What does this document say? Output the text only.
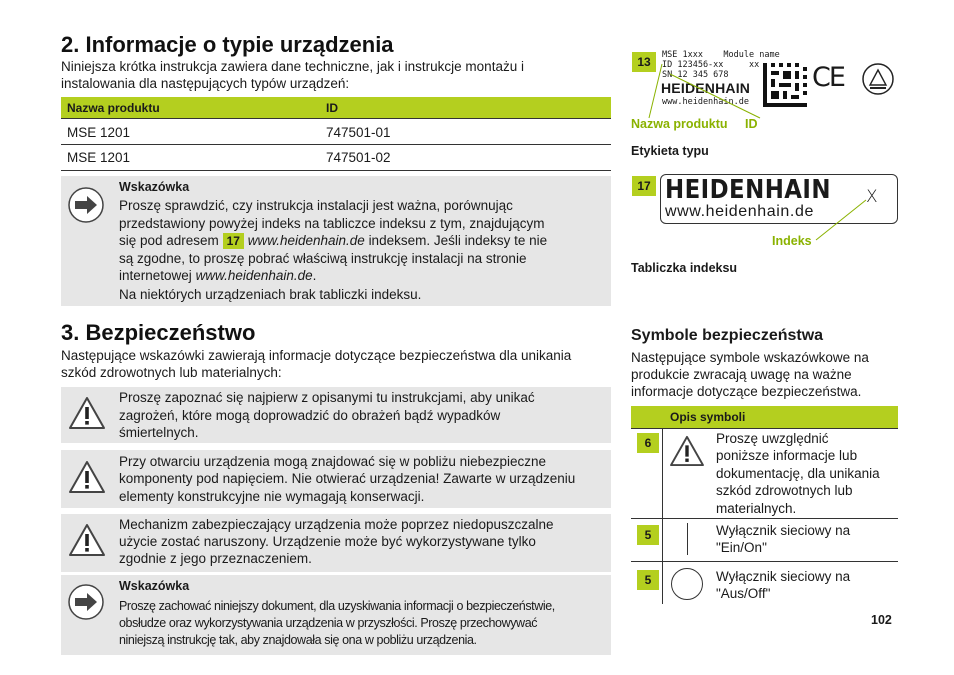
2. Informacje o typie urządzenia
Niniejsza krótka instrukcja zawiera dane techniczne, jak i instrukcje montażu i
instalowania dla następujących typów urządzeń:
Nazwa produktu	ID
MSE 1201	747501-01
MSE 1201	747501-02
Wskazówka
Proszę sprawdzić, czy instrukcja instalacji jest ważna, porównując
przedstawiony powyżej indeks na tabliczce indeksu z tym, znajdującym
się pod adresem 17 www.heidenhain.de indeksem. Jeśli indeksy te nie
są zgodne, to proszę pobrać właściwą instrukcję instalacji na stronie
internetowej www.heidenhain.de.
Na niektórych urządzeniach brak tabliczki indeksu.
3. Bezpieczeństwo
Następujące wskazówki zawierają informacje dotyczące bezpieczeństwa dla unikania
szkód zdrowotnych lub materialnych:
Proszę zapoznać się najpierw z opisanymi tu instrukcjami, aby unikać
zagrożeń, które mogą doprowadzić do obrażeń bądź wypadków
śmiertelnych.
Przy otwarciu urządzenia mogą znajdować się w pobliżu niebezpieczne
komponenty pod napięciem. Nie otwierać urządzenia! Zawarte w urządzeniu
elementy konstrukcyjne nie wymagają konserwacji.
Mechanizm zabezpieczający urządzenia może poprzez niedopuszczalne
użycie zostać naruszony. Urządzenie może być wykorzystywane tylko
zgodnie z jego przeznaczeniem.
Wskazówka
Proszę zachować niniejszy dokument, dla uzyskiwania informacji o bezpieczeństwie,
obsłudze oraz wykorzystywania urządzenia w przyszłości. Proszę przechowywać
niniejszą instrukcję tak, aby znajdowała się ona w pobliżu urządzenia.
13	MSE 1xxx    Module name
ID 123456-xx     xx
SN 12 345 678
HEIDENHAIN
www.heidenhain.de
CE
Nazwa produktu ID
Etykieta typu
17 HEIDENHAIN
www.heidenhain.de
X
Indeks
Tabliczka indeksu
Symbole bezpieczeństwa
Następujące symbole wskazówkowe na
produkcie zwracają uwagę na ważne
informacje dotyczące bezpieczeństwa.
Opis symboli
6	Proszę uwzględnić
poniższe informacje lub
dokumentację, dla unikania
szkód zdrowotnych lub
materialnych.
5	Wyłącznik sieciowy na
"Ein/On"
5	Wyłącznik sieciowy na
"Aus/Off"
102
